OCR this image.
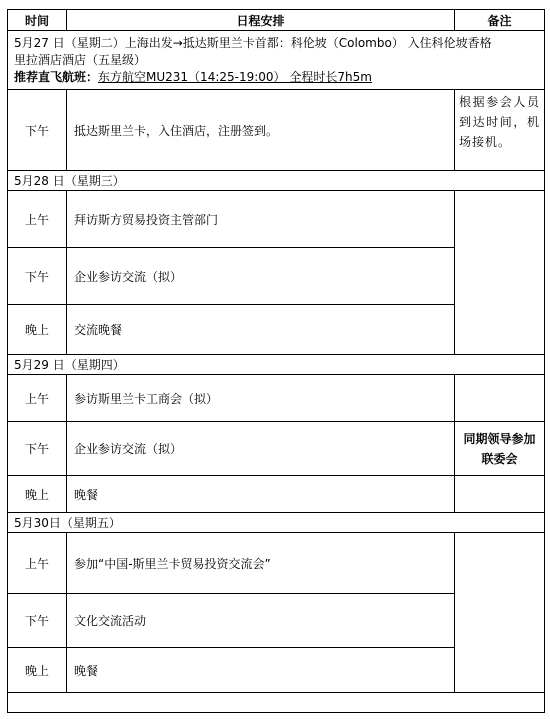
时间	日程安排	备注

5月27 日（星期二）上海出发→抵达斯里兰卡首都：科伦坡（Colombo） 入住科伦坡香格
里拉酒店酒店（五星级）
推荐直飞航班：东方航空MU231（14:25-19:00） 全程时长7h5m		

下午	抵达斯里兰卡，入住酒店，注册签到。	根据参会人员到达时间，机场接机。
5月28 日（星期三）		
上午	拜访斯方贸易投资主管部门	
下午	企业参访交流（拟）	
晚上	交流晚餐	
5月29 日（星期四）		
上午	参访斯里兰卡工商会（拟）	
下午	企业参访交流（拟）	同期领导参加联委会
晚上	晚餐	
5月30日（星期五）		
上午	参加“中国-斯里兰卡贸易投资交流会”	
下午	文化交流活动	
晚上	晚餐	
